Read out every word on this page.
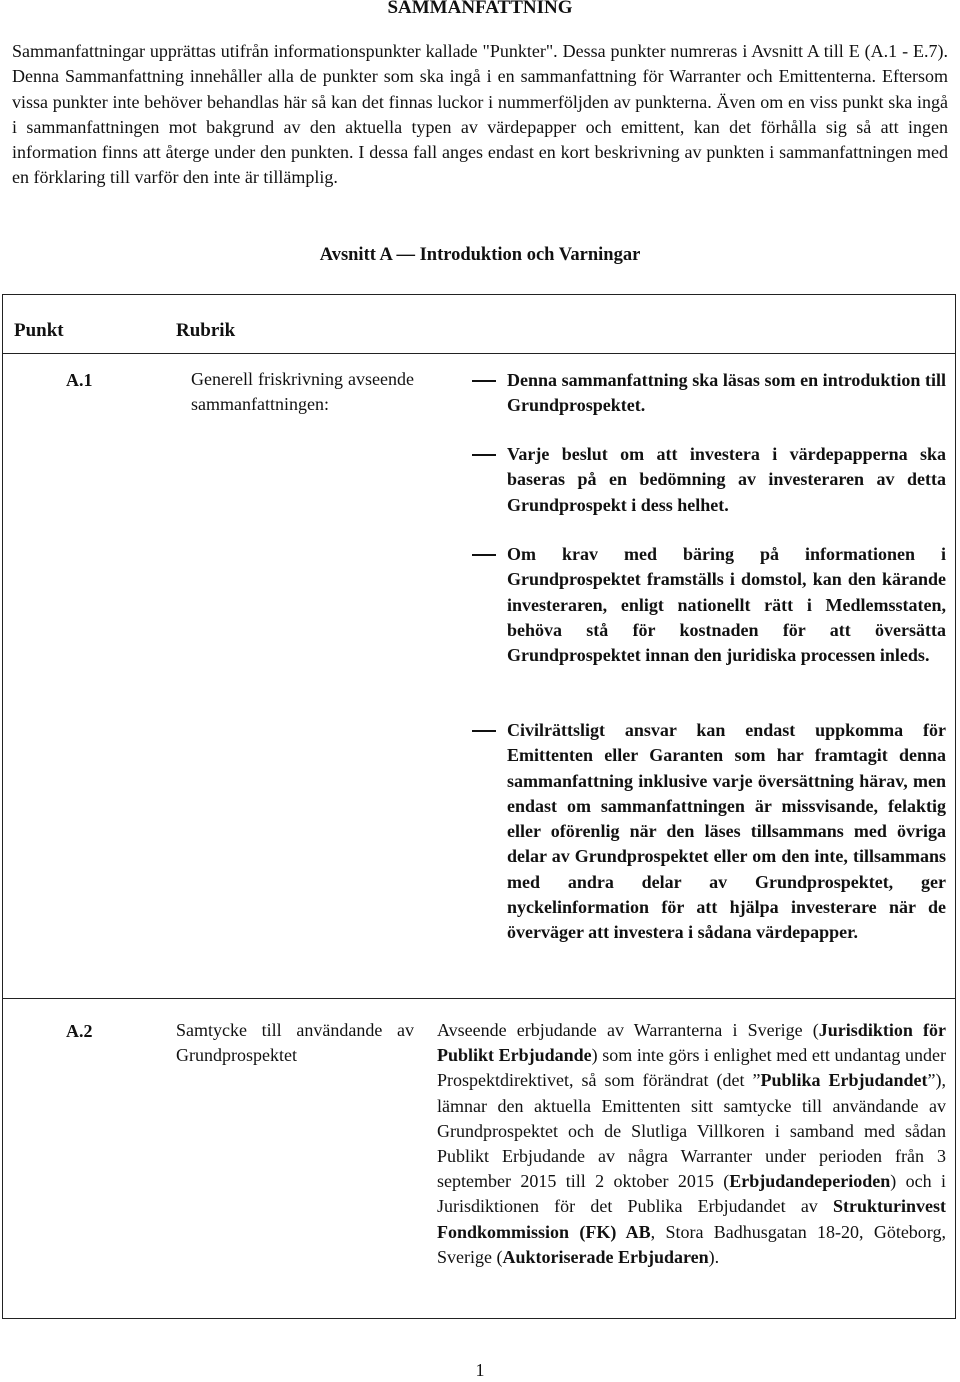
SAMMANFATTNING

Sammanfattningar upprättas utifrån informationspunkter kallade "Punkter". Dessa punkter numreras i Avsnitt A till E (A.1 - E.7). Denna Sammanfattning innehåller alla de punkter som ska ingå i en sammanfattning för Warranter och Emittenterna. Eftersom vissa punkter inte behöver behandlas här så kan det finnas luckor i nummerföljden av punkterna. Även om en viss punkt ska ingå i sammanfattningen mot bakgrund av den aktuella typen av värdepapper och emittent, kan det förhålla sig så att ingen information finns att återge under den punkten. I dessa fall anges endast en kort beskrivning av punkten i sammanfattningen med en förklaring till varför den inte är tillämplig.

Avsnitt A — Introduktion och Varningar
Punkt	Rubrik
A.1	Generell friskrivning avseende sammanfattningen:

Denna sammanfattning ska läsas som en introduktion till Grundprospektet.

Varje beslut om att investera i värdepapperna ska baseras på en bedömning av investeraren av detta Grundprospekt i dess helhet.

Om krav med bäring på informationen i Grundprospektet framställs i domstol, kan den kärande investeraren, enligt nationellt rätt i Medlemsstaten, behöva stå för kostnaden för att översätta Grundprospektet innan den juridiska processen inleds.

Civilrättsligt ansvar kan endast uppkomma för Emittenten eller Garanten som har framtagit denna sammanfattning inklusive varje översättning härav, men endast om sammanfattningen är missvisande, felaktig eller oförenlig när den läses tillsammans med övriga delar av Grundprospektet eller om den inte, tillsammans med andra delar av Grundprospektet, ger nyckelinformation för att hjälpa investerare när de överväger att investera i sådana värdepapper.

A.2	Samtycke till användande av Grundprospektet

Avseende erbjudande av Warranterna i Sverige (Jurisdiktion för Publikt Erbjudande) som inte görs i enlighet med ett undantag under Prospektdirektivet, så som förändrat (det ”Publika Erbjudandet”), lämnar den aktuella Emittenten sitt samtycke till användande av Grundprospektet och de Slutliga Villkoren i samband med sådan Publikt Erbjudande av några Warranter under perioden från 3 september 2015 till 2 oktober 2015 (Erbjudandeperioden) och i Jurisdiktionen för det Publika Erbjudandet av Strukturinvest Fondkommission (FK) AB, Stora Badhusgatan 18-20, Göteborg, Sverige (Auktoriserade Erbjudaren).

1
